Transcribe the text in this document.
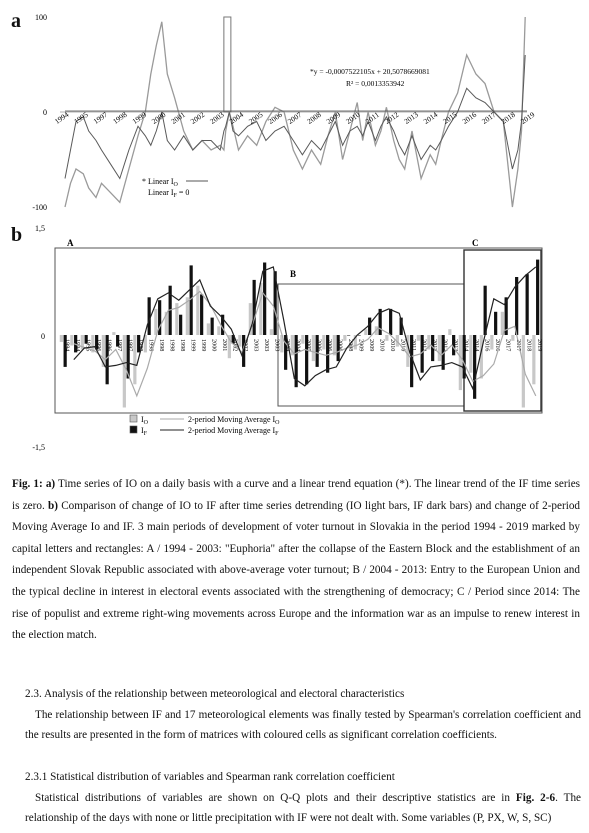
a
b
100
0
-100
1994 1995 1997 1998 1999 2000 2001 2002 2003 2004 2005 2006 2007 2008 2009 2010 2011 2012 2013 2014 2015 2016 2017 2018 2019
*y = -0,0007522105x + 20,5078669081
R² = 0,0013353942
* Linear $I_O$
Linear $I_F = 0$
1,5
0
-1,5
A
B
C
1994 1994 1995 1996 1996 1997 1997 1998 1998 1998 1998 1998 1999 1999 2000 2001 2002 2002 2003 2003 2003 2004 2004 2005 2006 2006 2006 2008 2009 2009 2010 2010 2010 2011 2012 2012 2012 2013 2014 2014 2016 2016 2017 2017 2018 2019
$I_O$	2-period Moving Average $I_O$
$I_F$	2-period Moving Average $I_F$
Fig. 1: a) Time series of IO on a daily basis with a curve and a linear trend equation (*). The linear trend of the IF time series is zero. b) Comparison of change of IO to IF after time series detrending (IO light bars, IF dark bars) and change of 2-period Moving Average Io and IF. 3 main periods of development of voter turnout in Slovakia in the period 1994 - 2019 marked by capital letters and rectangles: A / 1994 - 2003: "Euphoria" after the collapse of the Eastern Block and the establishment of an independent Slovak Republic associated with above-average voter turnout; B / 2004 - 2013: Entry to the European Union and the typical decline in interest in electoral events associated with the strengthening of democracy; C / Period since 2014: The rise of populist and extreme right-wing movements across Europe and the information war as an impulse to renew interest in the election match.
2.3. Analysis of the relationship between meteorological and electoral characteristics
The relationship between IF and 17 meteorological elements was finally tested by Spearman's correlation coefficient and the results are presented in the form of matrices with coloured cells as significant correlation coefficients.
2.3.1 Statistical distribution of variables and Spearman rank correlation coefficient
Statistical distributions of variables are shown on Q-Q plots and their descriptive statistics are in Fig. 2-6. The relationship of the days with none or little precipitation with IF were not dealt with. Some variables (P, PX, W, S, SC)
